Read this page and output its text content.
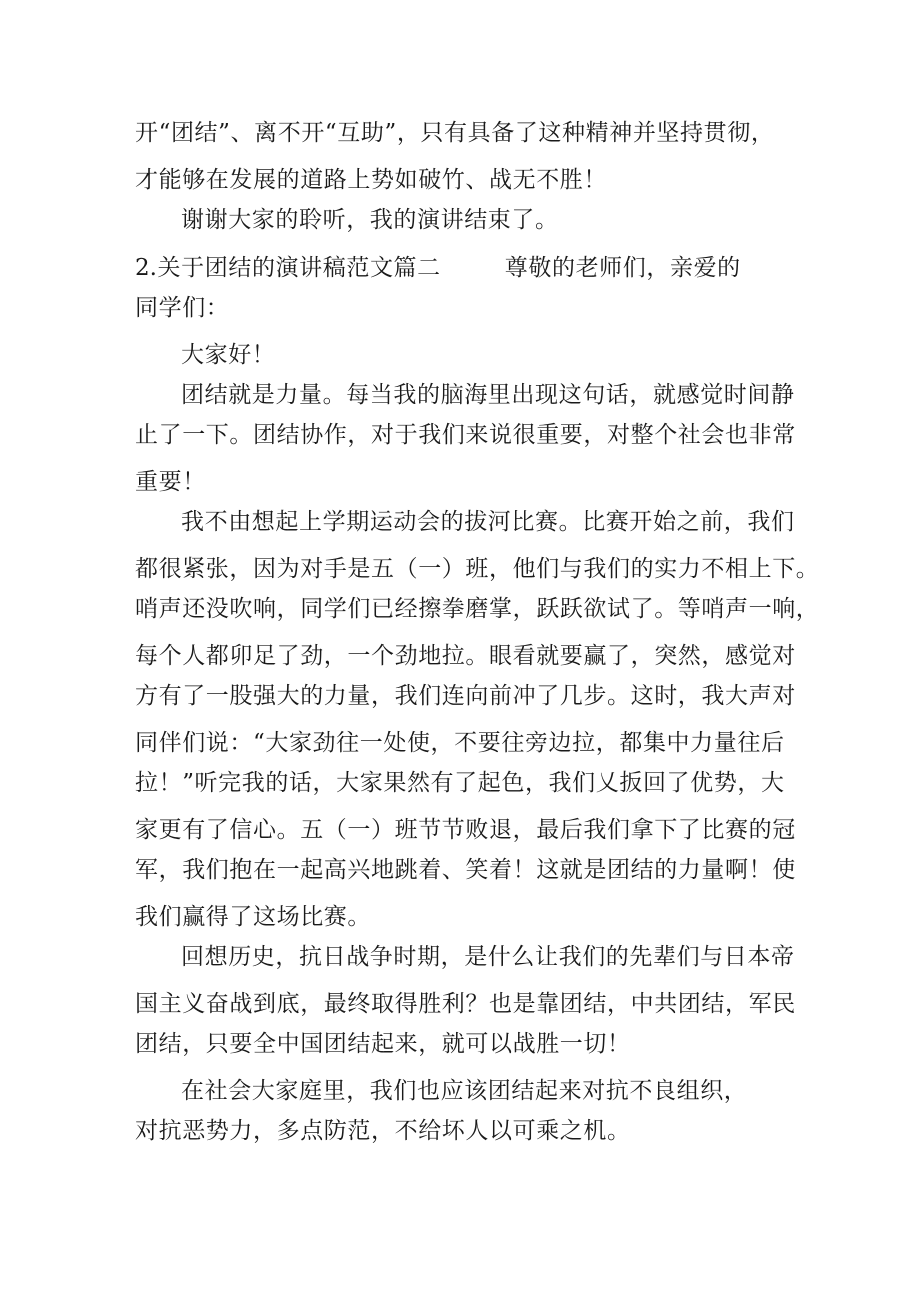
开“团结”、离不开“互助”，只有具备了这种精神并坚持贯彻，
才能够在发展的道路上势如破竹、战无不胜！
谢谢大家的聆听，我的演讲结束了。
2.关于团结的演讲稿范文篇二	尊敬的老师们，亲爱的
同学们：
大家好！
团结就是力量。每当我的脑海里出现这句话，就感觉时间静
止了一下。团结协作，对于我们来说很重要，对整个社会也非常
重要！
我不由想起上学期运动会的拔河比赛。比赛开始之前，我们
都很紧张，因为对手是五（一）班，他们与我们的实力不相上下。
哨声还没吹响，同学们已经擦拳磨掌，跃跃欲试了。等哨声一响，
每个人都卯足了劲，一个劲地拉。眼看就要赢了，突然，感觉对
方有了一股强大的力量，我们连向前冲了几步。这时，我大声对
同伴们说：“大家劲往一处使，不要往旁边拉，都集中力量往后
拉！”听完我的话，大家果然有了起色，我们乂扳回了优势，大
家更有了信心。五（一）班节节败退，最后我们拿下了比赛的冠
军，我们抱在一起高兴地跳着、笑着！这就是团结的力量啊！使
我们赢得了这场比赛。
回想历史，抗日战争时期，是什么让我们的先辈们与日本帝
国主义奋战到底，最终取得胜利？也是靠团结，中共团结，军民
团结，只要全中国团结起来，就可以战胜一切！
在社会大家庭里，我们也应该团结起来对抗不良组织，
对抗恶势力，多点防范，不给坏人以可乘之机。
